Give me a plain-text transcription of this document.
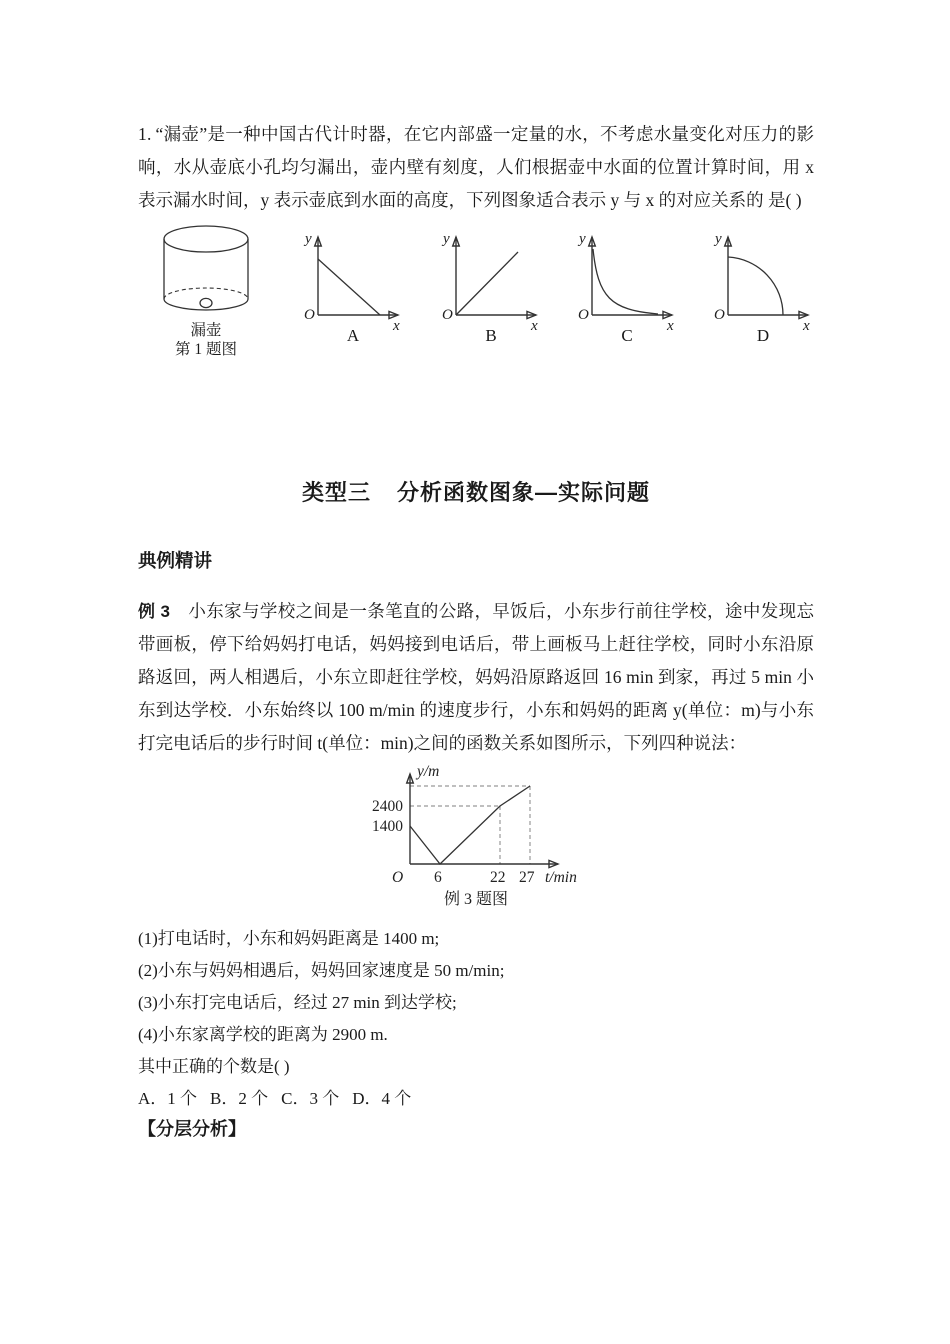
1. “漏壶”是一种中国古代计时器，在它内部盛一定量的水，不考虑水量变化对压力的影响，水从壶底小孔均匀漏出，壶内壁有刻度，人们根据壶中水面的位置计算时间，用 x 表示漏水时间，y 表示壶底到水面的高度，下列图象适合表示 y 与 x 的对应关系的 是( )

漏壶
第 1 题图
O
x
y
A
O
x
y
B
O
x
y
C
O
x
y
D
类型三 分析函数图象—实际问题
典例精讲

例 3 小东家与学校之间是一条笔直的公路，早饭后，小东步行前往学校，途中发现忘带画板，停下给妈妈打电话，妈妈接到电话后，带上画板马上赶往学校，同时小东沿原路返回，两人相遇后，小东立即赶往学校，妈妈沿原路返回 16 min 到家，再过 5 min 小东到达学校．小东始终以 100 m/min 的速度步行，小东和妈妈的距离 y(单位：m)与小东打完电话后的步行时间 t(单位：min)之间的函数关系如图所示，下列四种说法：

2400
1400
y/m
O 6	22 27 t/min
例 3 题图

(1)打电话时，小东和妈妈距离是 1400 m;

(2)小东与妈妈相遇后，妈妈回家速度是 50 m/min;

(3)小东打完电话后，经过 27 min 到达学校;

(4)小东家离学校的距离为 2900 m.

其中正确的个数是( )

A．1 个 B．2 个 C．3 个 D．4 个

【分层分析】
